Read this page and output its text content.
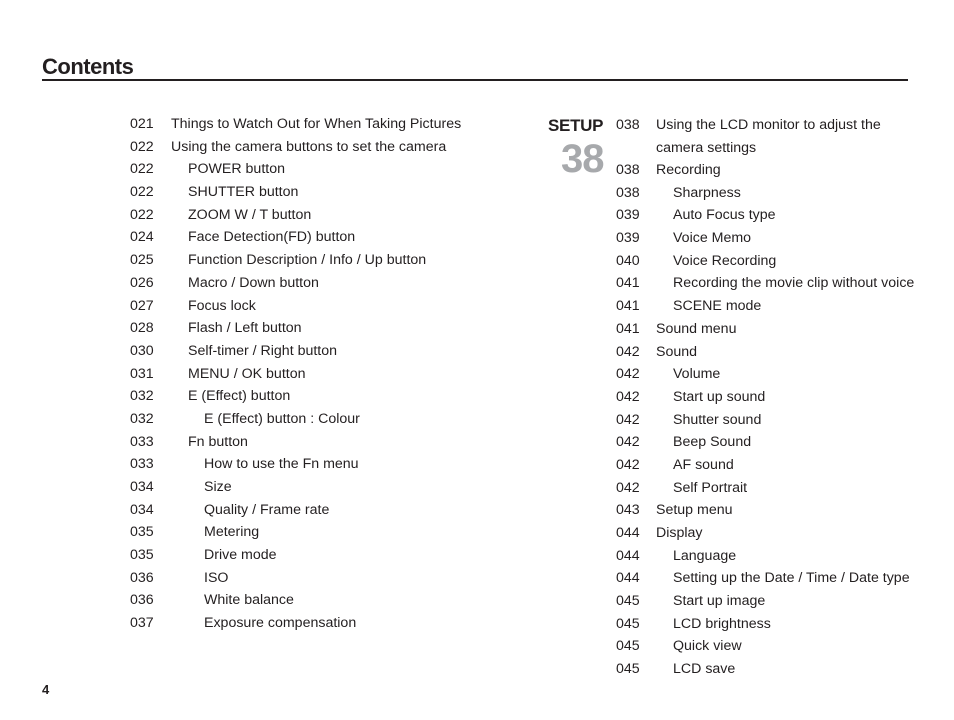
Contents
021 Things to Watch Out for When Taking Pictures
022 Using the camera buttons to set the camera
022 POWER button
022 SHUTTER button
022 ZOOM W / T button
024 Face Detection(FD) button
025 Function Description / Info / Up button
026 Macro / Down button
027 Focus lock
028 Flash / Left button
030 Self-timer / Right button
031 MENU / OK button
032 E (Effect) button
032	E (Effect) button : Colour
033 Fn button
033	How to use the Fn menu
034	Size
034	Quality / Frame rate
035	Metering
035	Drive mode
036	ISO
036	White balance
037	Exposure compensation
SETUP
38
038 Using the LCD monitor to adjust the camera settings
038 Recording
038 Sharpness
039 Auto Focus type
039 Voice Memo
040 Voice Recording
041 Recording the movie clip without voice
041 SCENE mode
041 Sound menu
042 Sound
042 Volume
042 Start up sound
042 Shutter sound
042 Beep Sound
042 AF sound
042 Self Portrait
043 Setup menu
044 Display
044 Language
044 Setting up the Date / Time / Date type
045 Start up image
045 LCD brightness
045 Quick view
045 LCD save
4
